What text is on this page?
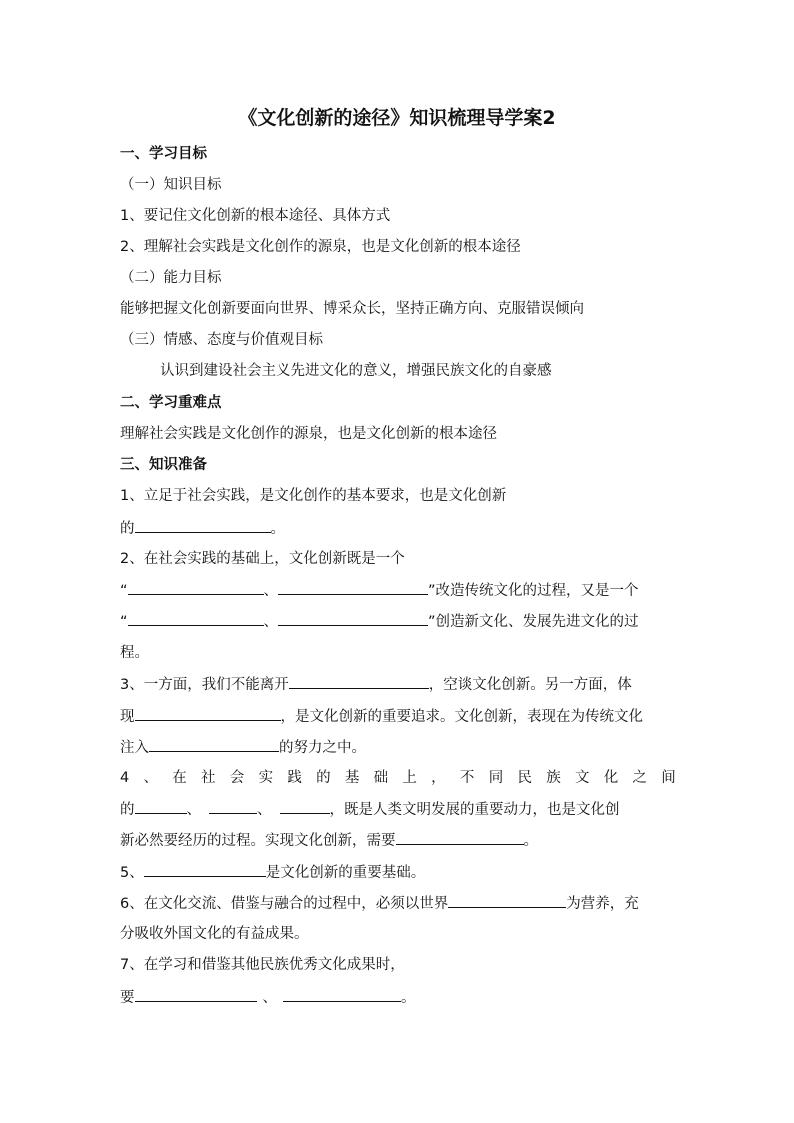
《文化创新的途径》知识梳理导学案2
一、学习目标
（一）知识目标
1、要记住文化创新的根本途径、具体方式
2、理解社会实践是文化创作的源泉，也是文化创新的根本途径
（二）能力目标
能够把握文化创新要面向世界、博采众长，坚持正确方向、克服错误倾向
（三）情感、态度与价值观目标
认识到建设社会主义先进文化的意义，增强民族文化的自豪感
二、学习重难点
理解社会实践是文化创作的源泉，也是文化创新的根本途径
三、知识准备
1、立足于社会实践，是文化创作的基本要求，也是文化创新
的	。
2、在社会实践的基础上，文化创新既是一个
“	、	”改造传统文化的过程，又是一个
“	、	”创造新文化、发展先进文化的过
程。
3、一方面，我们不能离开	，空谈文化创新。另一方面，体
现	，是文化创新的重要追求。文化创新，表现在为传统文化
注入	的努力之中。
4 、 在 社 会 实 践 的 基 础 上 ， 不 同 民 族 文 化 之 间
的	、	、	，既是人类文明发展的重要动力，也是文化创
新必然要经历的过程。实现文化创新，需要	。
5、	是文化创新的重要基础。
6、在文化交流、借鉴与融合的过程中，必须以世界	为营养，充
分吸收外国文化的有益成果。
7、在学习和借鉴其他民族优秀文化成果时，
要	、	。
